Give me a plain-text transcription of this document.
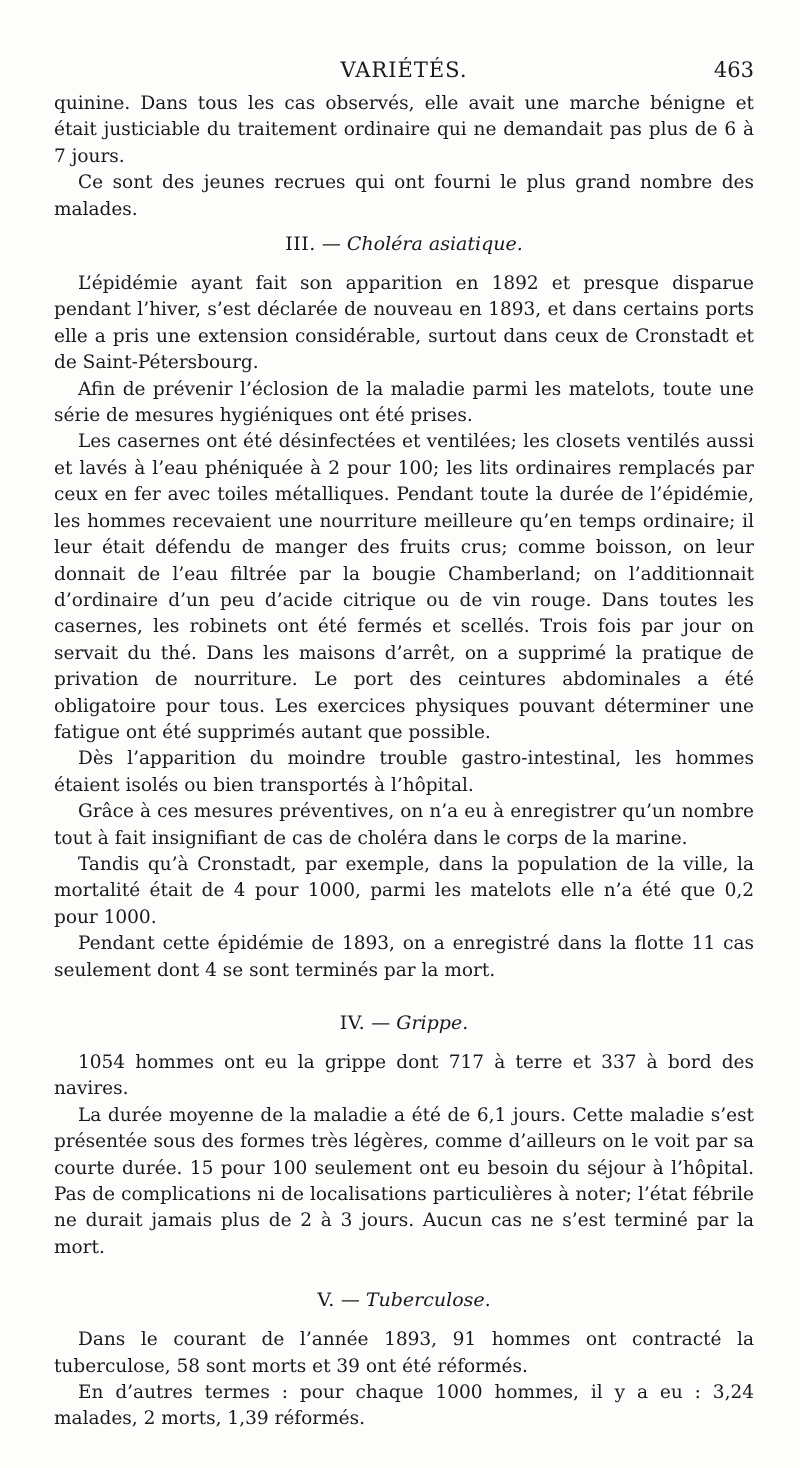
VARIÉTÉS.	463

quinine. Dans tous les cas observés, elle avait une marche bénigne et était justiciable du traitement ordinaire qui ne demandait pas plus de 6 à 7 jours.

Ce sont des jeunes recrues qui ont fourni le plus grand nombre des malades.

III. — Choléra asiatique.

L’épidémie ayant fait son apparition en 1892 et presque disparue pendant l’hiver, s’est déclarée de nouveau en 1893, et dans certains ports elle a pris une extension considérable, surtout dans ceux de Cronstadt et de Saint-Pétersbourg.

Afin de prévenir l’éclosion de la maladie parmi les matelots, toute une série de mesures hygiéniques ont été prises.

Les casernes ont été désinfectées et ventilées; les closets ventilés aussi et lavés à l’eau phéniquée à 2 pour 100; les lits ordinaires remplacés par ceux en fer avec toiles métalliques. Pendant toute la durée de l’épidémie, les hommes recevaient une nourriture meilleure qu’en temps ordinaire; il leur était défendu de manger des fruits crus; comme boisson, on leur donnait de l’eau filtrée par la bougie Chamberland; on l’additionnait d’ordinaire d’un peu d’acide citrique ou de vin rouge. Dans toutes les casernes, les robinets ont été fermés et scellés. Trois fois par jour on servait du thé. Dans les maisons d’arrêt, on a supprimé la pratique de privation de nourriture. Le port des ceintures abdominales a été obligatoire pour tous. Les exercices physiques pouvant déterminer une fatigue ont été supprimés autant que possible.

Dès l’apparition du moindre trouble gastro-intestinal, les hommes étaient isolés ou bien transportés à l’hôpital.

Grâce à ces mesures préventives, on n’a eu à enregistrer qu’un nombre tout à fait insignifiant de cas de choléra dans le corps de la marine.

Tandis qu’à Cronstadt, par exemple, dans la population de la ville, la mortalité était de 4 pour 1000, parmi les matelots elle n’a été que 0,2 pour 1000.

Pendant cette épidémie de 1893, on a enregistré dans la flotte 11 cas seulement dont 4 se sont terminés par la mort.

IV. — Grippe.

1054 hommes ont eu la grippe dont 717 à terre et 337 à bord des navires.

La durée moyenne de la maladie a été de 6,1 jours. Cette maladie s’est présentée sous des formes très légères, comme d’ailleurs on le voit par sa courte durée. 15 pour 100 seulement ont eu besoin du séjour à l’hôpital. Pas de complications ni de localisations particulières à noter; l’état fébrile ne durait jamais plus de 2 à 3 jours. Aucun cas ne s’est terminé par la mort.

V. — Tuberculose.

Dans le courant de l’année 1893, 91 hommes ont contracté la tuberculose, 58 sont morts et 39 ont été réformés.

En d’autres termes : pour chaque 1000 hommes, il y a eu : 3,24 malades, 2 morts, 1,39 réformés.
